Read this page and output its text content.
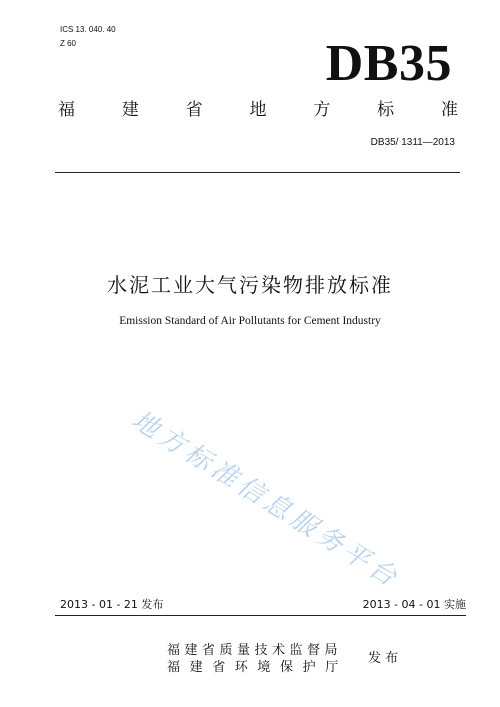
ICS 13. 040. 40
Z 60	DB35
福 建 省 地 方 标 准
DB35/ 1311—2013
水泥工业大气污染物排放标准
Emission Standard of Air Pollutants for Cement Industry
地方标准信息服务平台
2013 - 01 - 21 发布	2013 - 04 - 01 实施
福建省质量技术监督局
福建省环境保护厅
发 布
